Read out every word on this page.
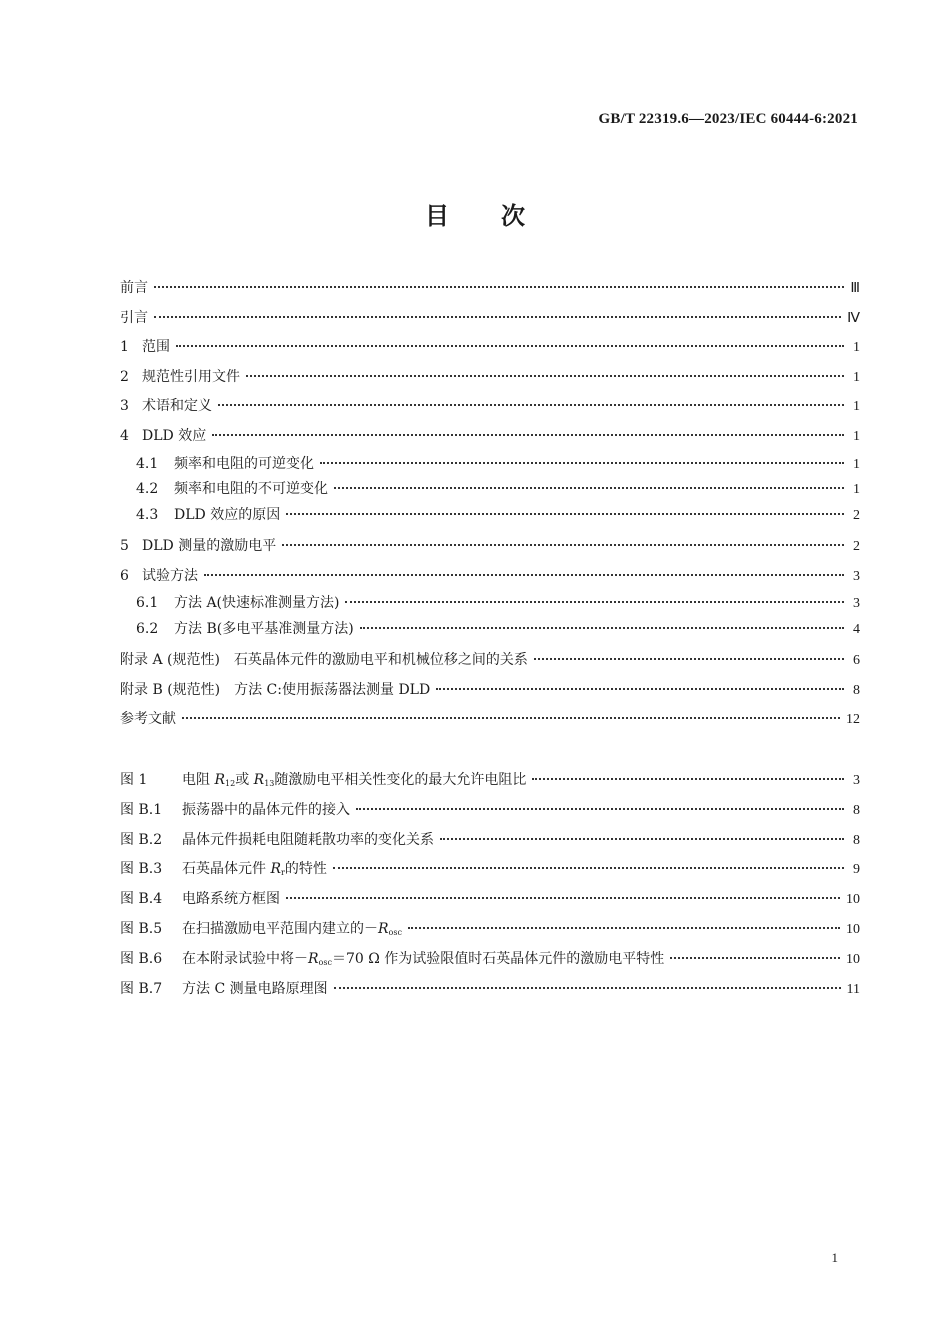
GB/T 22319.6—2023/IEC 60444-6:2021
目次
前言	Ⅲ
引言	Ⅳ
1 范围	1
2 规范性引用文件	1
3 术语和定义	1
4 DLD 效应	1
4.1 频率和电阻的可逆变化	1
4.2 频率和电阻的不可逆变化	1
4.3 DLD 效应的原因	2
5 DLD 测量的激励电平	2
6 试验方法	3
6.1 方法 A(快速标准测量方法)	3
6.2 方法 B(多电平基准测量方法)	4
附录 A (规范性)　石英晶体元件的激励电平和机械位移之间的关系	6
附录 B (规范性)　方法 C:使用振荡器法测量 DLD	8
参考文献	12
图 1 电阻 R12或 R13随激励电平相关性变化的最大允许电阻比	3
图 B.1 振荡器中的晶体元件的接入	8
图 B.2 晶体元件损耗电阻随耗散功率的变化关系	8
图 B.3 石英晶体元件 Rr的特性	9
图 B.4 电路系统方框图	10
图 B.5 在扫描激励电平范围内建立的－Rosc	10
图 B.6 在本附录试验中将－Rosc＝70 Ω 作为试验限值时石英晶体元件的激励电平特性	10
图 B.7 方法 C 测量电路原理图	11
1
